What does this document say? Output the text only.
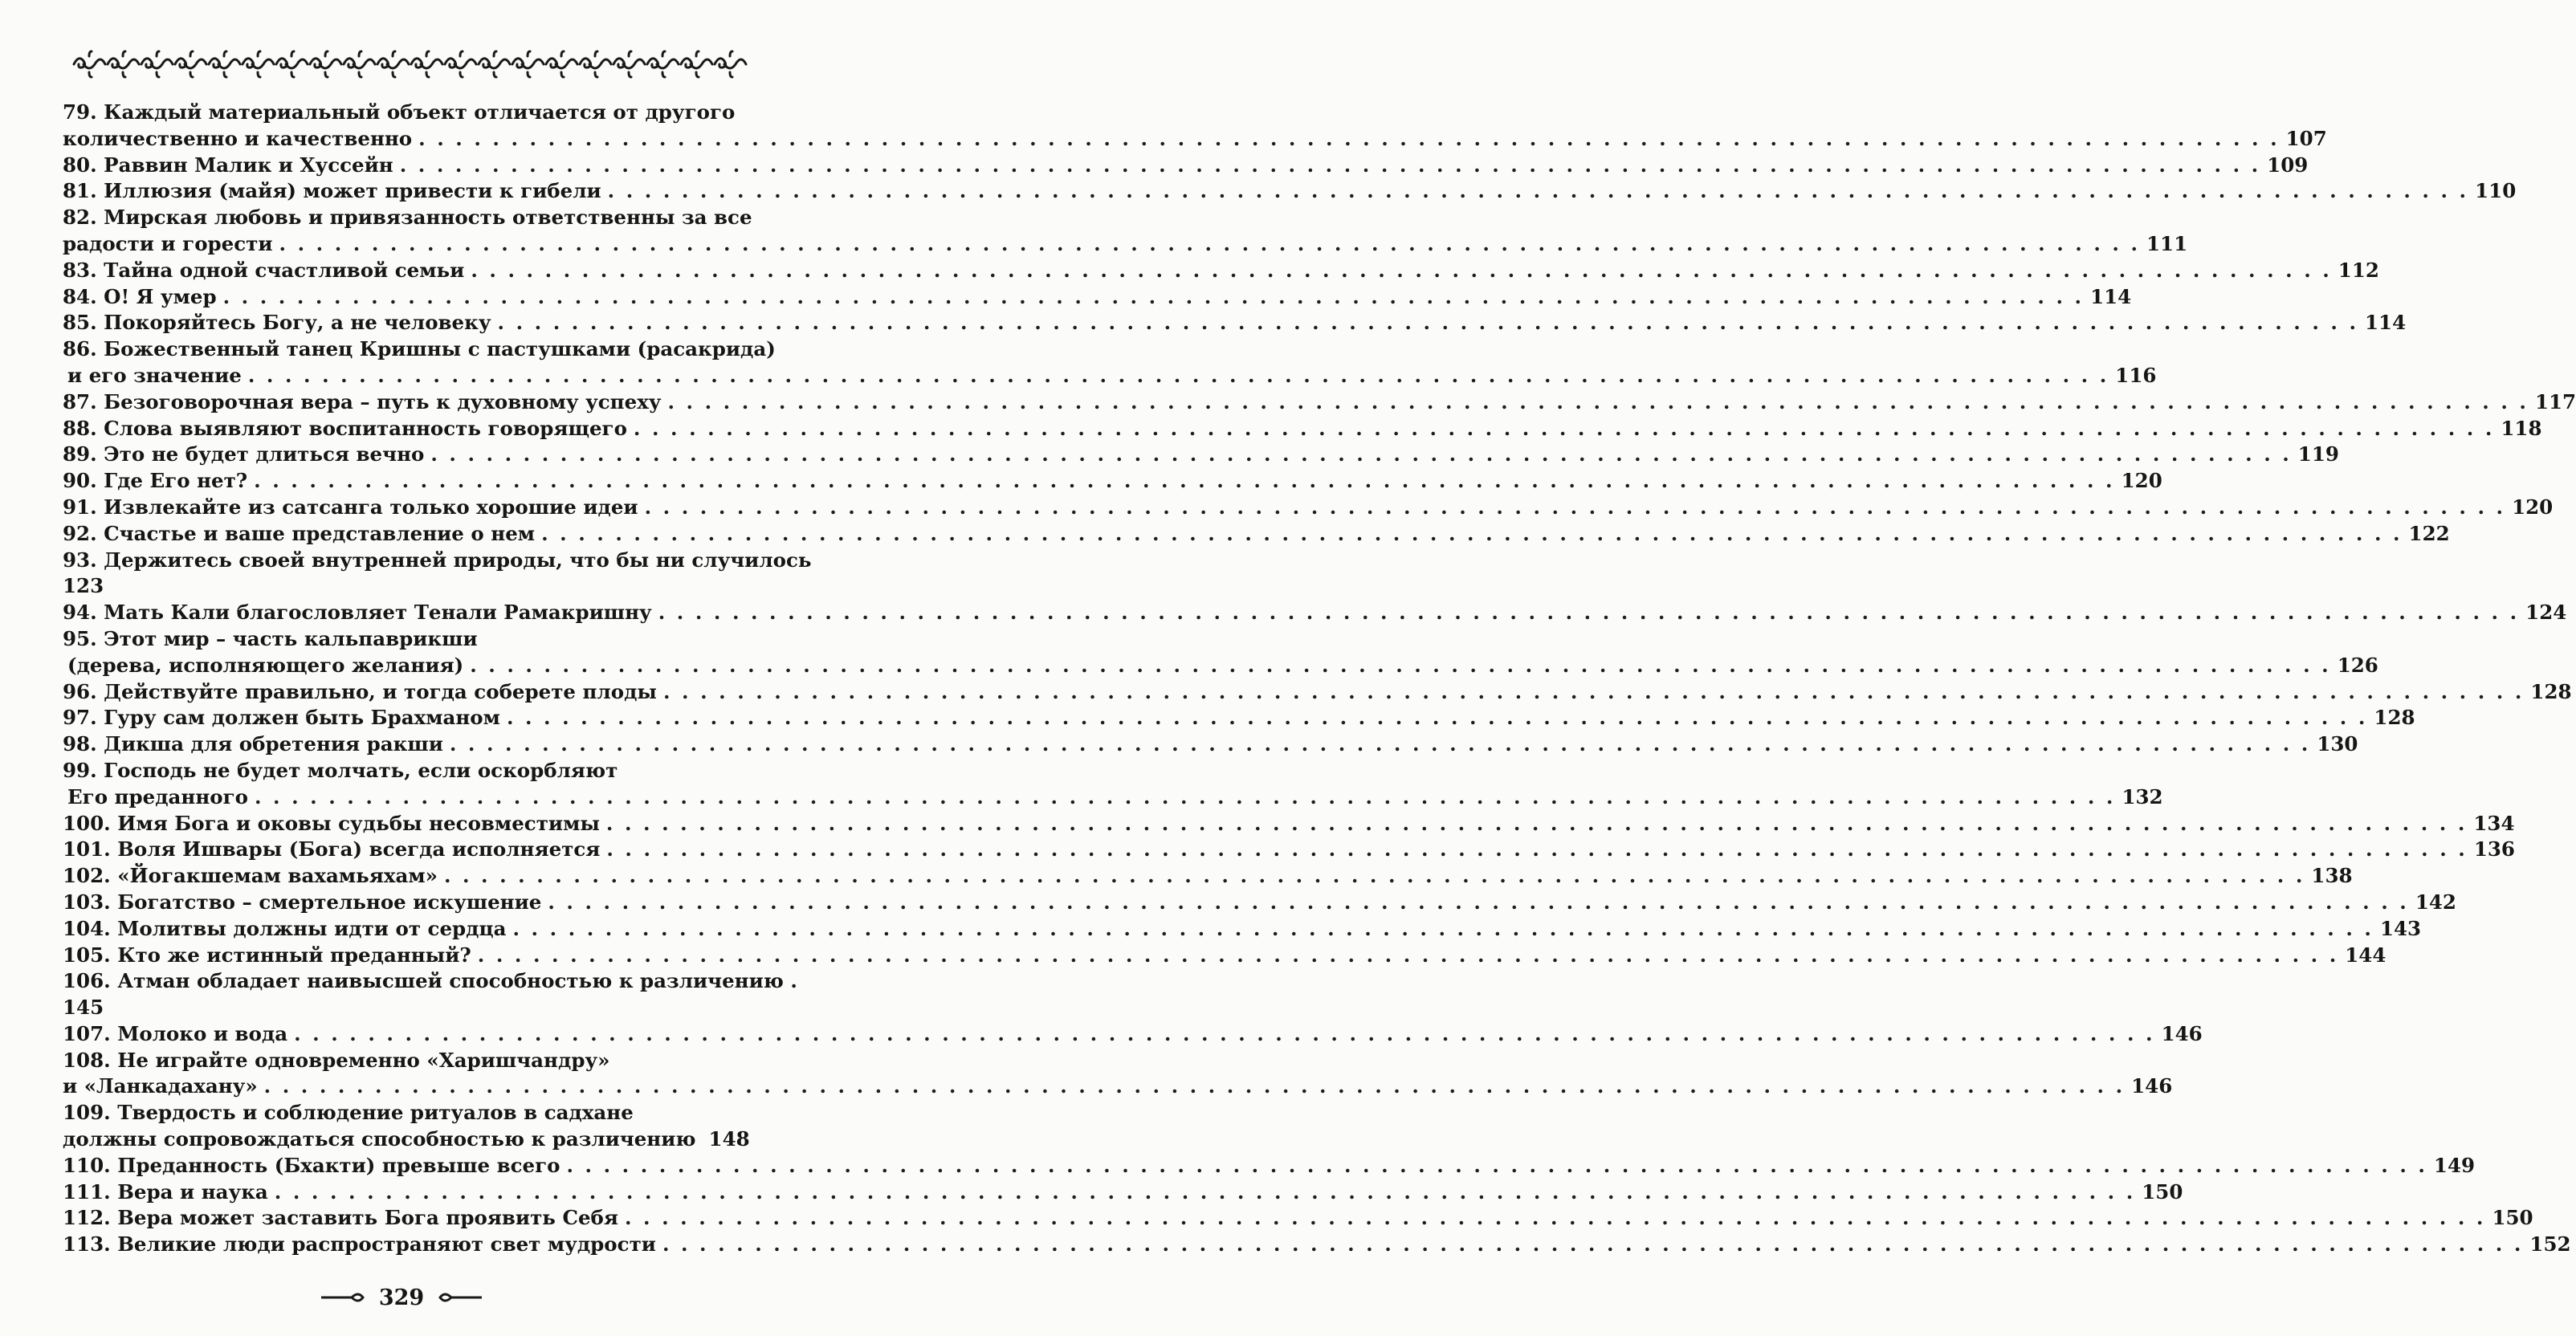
79. Каждый материальный объект отличается от другого
количественно и качественно . . .	107
80. Раввин Малик и Хуссейн . . .	109
81. Иллюзия (майя) может привести к гибели . . .	110
82. Мирская любовь и привязанность ответственны за все
радости и горести . . .	111
83. Тайна одной счастливой семьи . . .	112
84. О! Я умер . . .	114
85. Покоряйтесь Богу, а не человеку . . .	114
86. Божественный танец Кришны с пастушками (расакрида)
и его значение . . .	116
87. Безоговорочная вера – путь к духовному успеху . . .	117
88. Слова выявляют воспитанность говорящего . . .	118
89. Это не будет длиться вечно . . .	119
90. Где Его нет? . . .	120
91. Извлекайте из сатсанга только хорошие идеи . . .	120
92. Счастье и ваше представление о нем . . .	122
93. Держитесь своей внутренней природы, что бы ни случилось
123
94. Мать Кали благословляет Тенали Рамакришну . . .	124
95. Этот мир – часть кальпаврикши
(дерева, исполняющего желания) . . .	126
96. Действуйте правильно, и тогда соберете плоды . . .	128
97. Гуру сам должен быть Брахманом . . .	128
98. Дикша для обретения ракши . . .	130
99. Господь не будет молчать, если оскорбляют
Его преданного . . .	132
100. Имя Бога и оковы судьбы несовместимы . . .	134
101. Воля Ишвары (Бога) всегда исполняется . . .	136
102. «Йогакшемам вахамьяхам» . . .	138
103. Богатство – смертельное искушение . . .	142
104. Молитвы должны идти от сердца . . .	143
105. Кто же истинный преданный? . . .	144
106. Атман обладает наивысшей способностью к различению .
145
107. Молоко и вода . . .	146
108. Не играйте одновременно «Харишчандру»
и «Ланкадахану» . . .	146
109. Твердость и соблюдение ритуалов в садхане
должны сопровождаться способностью к различению 148
110. Преданность (Бхакти) превыше всего . . .	149
111. Вера и наука . . .	150
112. Вера может заставить Бога проявить Себя . . .	150
113. Великие люди распространяют свет мудрости . . .	152
329
